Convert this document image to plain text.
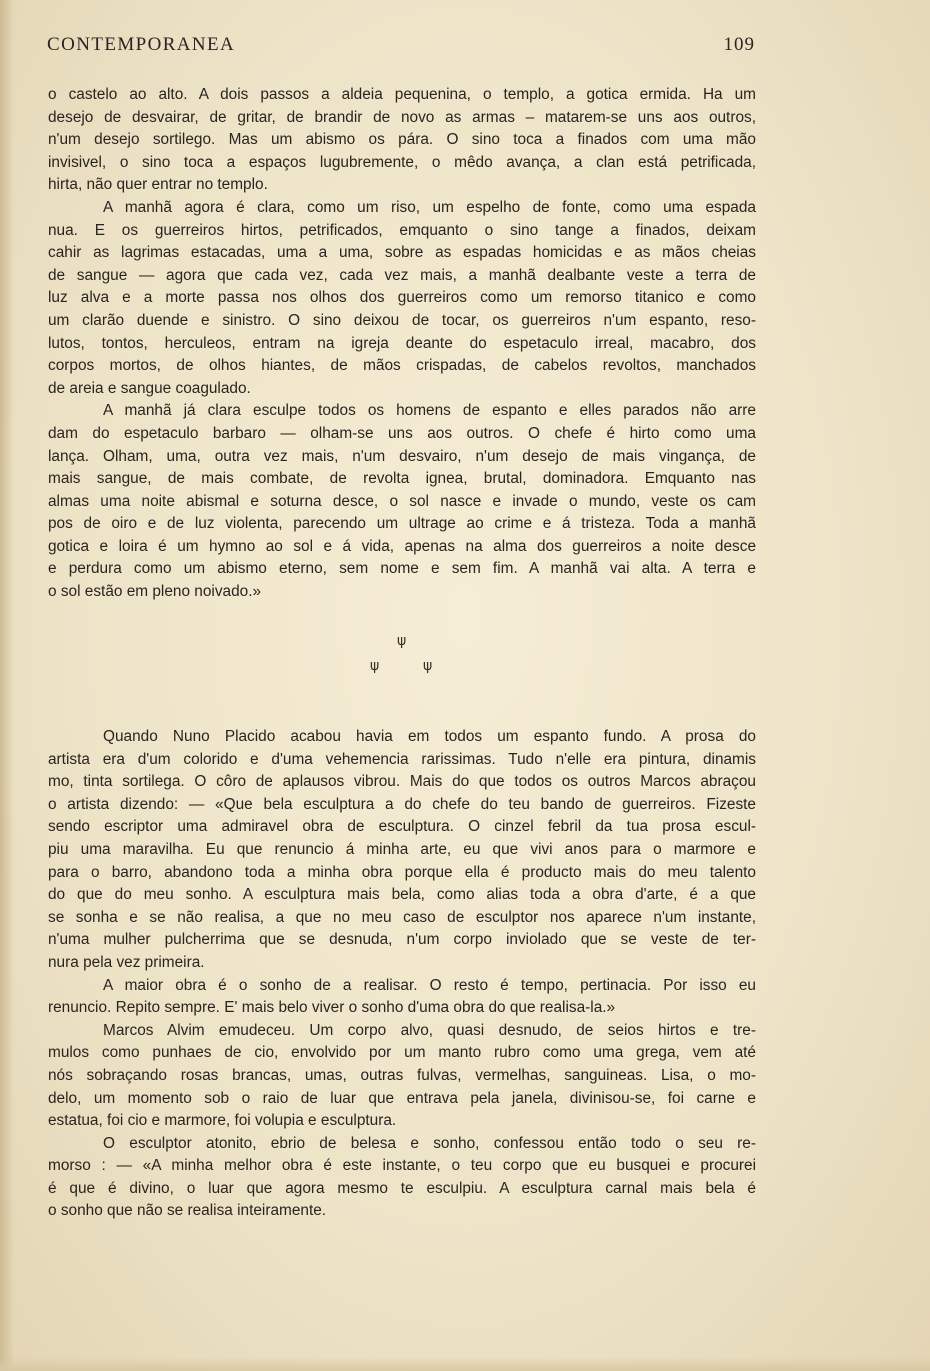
CONTEMPORANEA	109
o castelo ao alto. A dois passos a aldeia pequenina, o templo, a gotica ermida. Ha um
desejo de desvairar, de gritar, de brandir de novo as armas – matarem-se uns aos outros,
n'um desejo sortilego. Mas um abismo os pára. O sino toca a finados com uma mão
invisivel, o sino toca a espaços lugubremente, o mêdo avança, a clan está petrificada,
hirta, não quer entrar no templo.
A manhã agora é clara, como um riso, um espelho de fonte, como uma espada
nua. E os guerreiros hirtos, petrificados, emquanto o sino tange a finados, deixam
cahir as lagrimas estacadas, uma a uma, sobre as espadas homicidas e as mãos cheias
de sangue — agora que cada vez, cada vez mais, a manhã dealbante veste a terra de
luz alva e a morte passa nos olhos dos guerreiros como um remorso titanico e como
um clarão duende e sinistro. O sino deixou de tocar, os guerreiros n'um espanto, reso-
lutos, tontos, herculeos, entram na igreja deante do espetaculo irreal, macabro, dos
corpos mortos, de olhos hiantes, de mãos crispadas, de cabelos revoltos, manchados
de areia e sangue coagulado.
A manhã já clara esculpe todos os homens de espanto e elles parados não arre
dam do espetaculo barbaro — olham-se uns aos outros. O chefe é hirto como uma
lança. Olham, uma, outra vez mais, n'um desvairo, n'um desejo de mais vingança, de
mais sangue, de mais combate, de revolta ignea, brutal, dominadora. Emquanto nas
almas uma noite abismal e soturna desce, o sol nasce e invade o mundo, veste os cam
pos de oiro e de luz violenta, parecendo um ultrage ao crime e á tristeza. Toda a manhã
gotica e loira é um hymno ao sol e á vida, apenas na alma dos guerreiros a noite desce
e perdura como um abismo eterno, sem nome e sem fim. A manhã vai alta. A terra e
o sol estão em pleno noivado.»
ψ
ψ	ψ
Quando Nuno Placido acabou havia em todos um espanto fundo. A prosa do
artista era d'um colorido e d'uma vehemencia rarissimas. Tudo n'elle era pintura, dinamis
mo, tinta sortilega. O côro de aplausos vibrou. Mais do que todos os outros Marcos abraçou
o artista dizendo: — «Que bela esculptura a do chefe do teu bando de guerreiros. Fizeste
sendo escriptor uma admiravel obra de esculptura. O cinzel febril da tua prosa escul-
piu uma maravilha. Eu que renuncio á minha arte, eu que vivi anos para o marmore e
para o barro, abandono toda a minha obra porque ella é producto mais do meu talento
do que do meu sonho. A esculptura mais bela, como alias toda a obra d'arte, é a que
se sonha e se não realisa, a que no meu caso de esculptor nos aparece n'um instante,
n'uma mulher pulcherrima que se desnuda, n'um corpo inviolado que se veste de ter-
nura pela vez primeira.
A maior obra é o sonho de a realisar. O resto é tempo, pertinacia. Por isso eu
renuncio. Repito sempre. E' mais belo viver o sonho d'uma obra do que realisa-la.»
Marcos Alvim emudeceu. Um corpo alvo, quasi desnudo, de seios hirtos e tre-
mulos como punhaes de cio, envolvido por um manto rubro como uma grega, vem até
nós sobraçando rosas brancas, umas, outras fulvas, vermelhas, sanguineas. Lisa, o mo-
delo, um momento sob o raio de luar que entrava pela janela, divinisou-se, foi carne e
estatua, foi cio e marmore, foi volupia e esculptura.
O esculptor atonito, ebrio de belesa e sonho, confessou então todo o seu re-
morso : — «A minha melhor obra é este instante, o teu corpo que eu busquei e procurei
é que é divino, o luar que agora mesmo te esculpiu. A esculptura carnal mais bela é
o sonho que não se realisa inteiramente.
